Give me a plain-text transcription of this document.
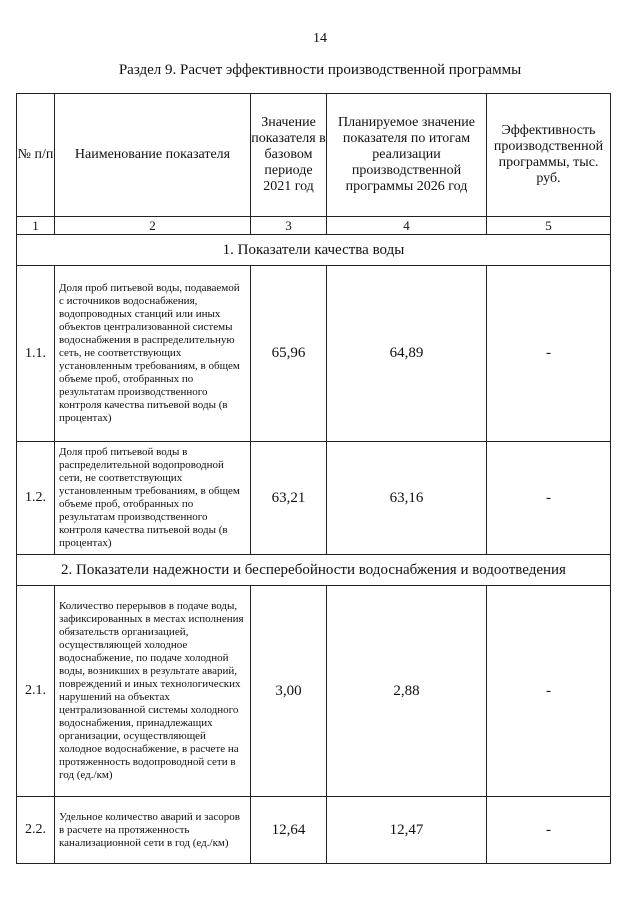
14
Раздел 9. Расчет эффективности производственной программы
№ п/п	Наименование показателя	Значение показателя в базовом периоде 2021 год	Планируемое значение показателя по итогам реализации производственной программы 2026 год	Эффективность производственной программы, тыс. руб.
1	2	3	4	5
1. Показатели качества воды				
1.1.	Доля проб питьевой воды, подаваемой с источников водоснабжения, водопроводных станций или иных объектов централизованной системы водоснабжения в распределительную сеть, не соответствующих установленным требованиям, в общем объеме проб, отобранных по результатам производственного контроля качества питьевой воды (в процентах)	65,96	64,89	-
1.2.	Доля проб питьевой воды в распределительной водопроводной сети, не соответствующих установленным требованиям, в общем объеме проб, отобранных по результатам производственного контроля качества питьевой воды (в процентах)	63,21	63,16	-
2. Показатели надежности и бесперебойности водоснабжения и водоотведения				
2.1.	Количество перерывов в подаче воды, зафиксированных в местах исполнения обязательств организацией, осуществляющей холодное водоснабжение, по подаче холодной воды, возникших в результате аварий, повреждений и иных технологических нарушений на объектах централизованной системы холодного водоснабжения, принадлежащих организации, осуществляющей холодное водоснабжение, в расчете на протяженность водопроводной сети в год (ед./км)	3,00	2,88	-
2.2.	Удельное количество аварий и засоров в расчете на протяженность канализационной сети в год (ед./км)	12,64	12,47	-
